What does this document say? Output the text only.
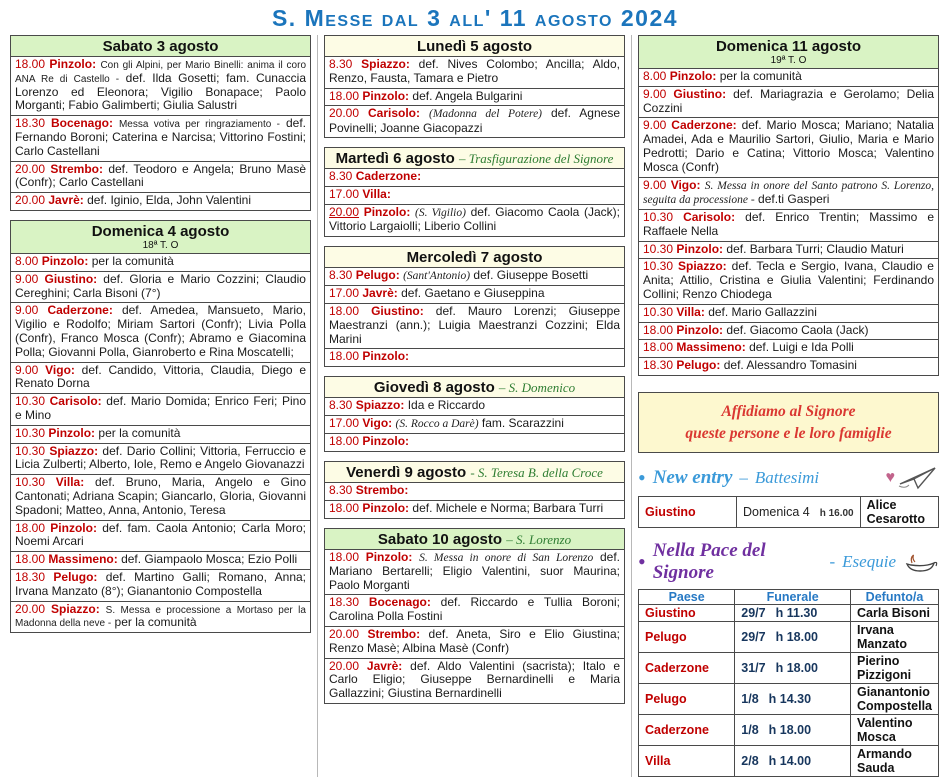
S. Messe dal 3 all' 11 agosto 2024
Sabato 3 agosto
18.00 Pinzolo: Con gli Alpini, per Mario Binelli: anima il coro ANA Re di Castello - def. Ilda Gosetti; fam. Cunaccia Lorenzo ed Eleonora; Vigilio Bonapace; Paolo Morganti; Fabio Galimberti; Giulia Salustri
18.30 Bocenago: Messa votiva per ringraziamento - def. Fernando Boroni; Caterina e Narcisa; Vittorino Fostini; Carlo Castellani
20.00 Strembo: def. Teodoro e Angela; Bruno Masè (Confr); Carlo Castellani
20.00 Javrè: def. Iginio, Elda, John Valentini
Domenica 4 agosto
18ª T. O
8.00 Pinzolo: per la comunità
9.00 Giustino: def. Gloria e Mario Cozzini; Claudio Cereghini; Carla Bisoni (7°)
9.00 Caderzone: def. Amedea, Mansueto, Mario, Vigilio e Rodolfo; Miriam Sartori (Confr); Livia Polla (Confr), Franco Mosca (Confr); Abramo e Giacomina Polla; Giovanni Polla, Gianroberto e Rina Moscatelli;
9.00 Vigo: def. Candido, Vittoria, Claudia, Diego e Renato Dorna
10.30 Carisolo: def. Mario Domida; Enrico Feri; Pino e Mino
10.30 Pinzolo: per la comunità
10.30 Spiazzo: def. Dario Collini; Vittoria, Ferruccio e Licia Zulberti; Alberto, Iole, Remo e Angelo Giovanazzi
10.30 Villa: def. Bruno, Maria, Angelo e Gino Cantonati; Adriana Scapin; Giancarlo, Gloria, Giovanni Spadoni; Matteo, Anna, Antonio, Teresa
18.00 Pinzolo: def. fam. Caola Antonio; Carla Moro; Noemi Arcari
18.00 Massimeno: def. Giampaolo Mosca; Ezio Polli
18.30 Pelugo: def. Martino Galli; Romano, Anna; Irvana Manzato (8°); Gianantonio Compostella
20.00 Spiazzo: S. Messa e processione a Mortaso per la Madonna della neve - per la comunità
Lunedì 5 agosto
8.30 Spiazzo: def. Nives Colombo; Ancilla; Aldo, Renzo, Fausta, Tamara e Pietro
18.00 Pinzolo: def. Angela Bulgarini
20.00 Carisolo: (Madonna del Potere) def. Agnese Povinelli; Joanne Giacopazzi
Martedì 6 agosto – Trasfigurazione del Signore
8.30 Caderzone:
17.00 Villa:
20.00 Pinzolo: (S. Vigilio) def. Giacomo Caola (Jack); Vittorio Largaiolli; Liberio Collini
Mercoledì 7 agosto
8.30 Pelugo: (Sant'Antonio) def. Giuseppe Bosetti
17.00 Javrè: def. Gaetano e Giuseppina
18.00 Giustino: def. Mauro Lorenzi; Giuseppe Maestranzi (ann.); Luigia Maestranzi Cozzini; Elda Marini
18.00 Pinzolo:
Giovedì 8 agosto – S. Domenico
8.30 Spiazzo: Ida e Riccardo
17.00 Vigo: (S. Rocco a Darè) fam. Scarazzini
18.00 Pinzolo:
Venerdì 9 agosto - S. Teresa B. della Croce
8.30 Strembo:
18.00 Pinzolo: def. Michele e Norma; Barbara Turri
Sabato 10 agosto – S. Lorenzo
18.00 Pinzolo: S. Messa in onore di San Lorenzo def. Mariano Bertarelli; Eligio Valentini, suor Maurina; Paolo Morganti
18.30 Bocenago: def. Riccardo e Tullia Boroni; Carolina Polla Fostini
20.00 Strembo: def. Aneta, Siro e Elio Giustina; Renzo Masè; Albina Masè (Confr)
20.00 Javrè: def. Aldo Valentini (sacrista); Italo e Carlo Eligio; Giuseppe Bernardinelli e Maria Gallazzini; Giustina Bernardinelli
Domenica 11 agosto
19ª T. O
8.00 Pinzolo: per la comunità
9.00 Giustino: def. Mariagrazia e Gerolamo; Delia Cozzini
9.00 Caderzone: def. Mario Mosca; Mariano; Natalia Amadei, Ada e Maurilio Sartori, Giulio, Maria e Mario Pedrotti; Dario e Catina; Vittorio Mosca; Valentino Mosca (Confr)
9.00 Vigo: S. Messa in onore del Santo patrono S. Lorenzo, seguita da processione - def.ti Gasperi
10.30 Carisolo: def. Enrico Trentin; Massimo e Raffaele Nella
10.30 Pinzolo: def. Barbara Turri; Claudio Maturi
10.30 Spiazzo: def. Tecla e Sergio, Ivana, Claudio e Anita; Attilio, Cristina e Giulia Valentini; Ferdinando Collini; Renzo Chiodega
10.30 Villa: def. Mario Gallazzini
18.00 Pinzolo: def. Giacomo Caola (Jack)
18.00 Massimeno: def. Luigi e Ida Polli
18.30 Pelugo: def. Alessandro Tomasini
Affidiamo al Signore
queste persone e le loro famiglie
• New entry – Battesimi	♥
Giustino	Domenica 4 h 16.00	Alice Cesarotto
• Nella Pace del Signore
- Esequie
Paese	Funerale	Defunto/a
Giustino	29/7 h 11.30	Carla Bisoni
Pelugo	29/7 h 18.00	Irvana Manzato
Caderzone	31/7 h 18.00	Pierino Pizzigoni
Pelugo	1/8 h 14.30	Gianantonio Compostella
Caderzone	1/8 h 18.00	Valentino Mosca
Villa	2/8 h 14.00	Armando Sauda
